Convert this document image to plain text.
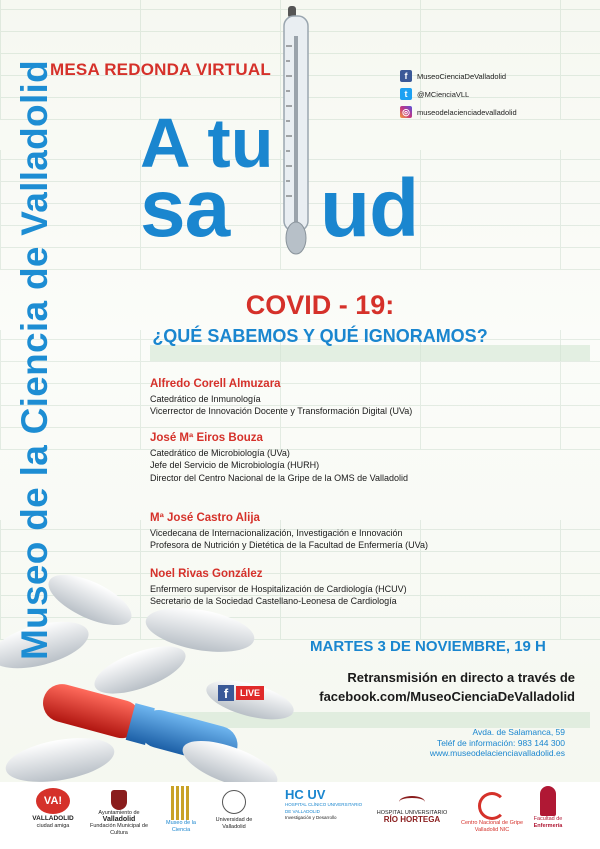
Museo de la Ciencia de Valladolid
MESA REDONDA VIRTUAL
A tu
sa ud
f	MuseoCienciaDeValladolid
t	@MCienciaVLL
◎ museodelacienciadevalladolid
COVID - 19:
¿QUÉ SABEMOS Y QUÉ IGNORAMOS?
Alfredo Corell Almuzara
Catedrático de Inmunología
Vicerrector de Innovación Docente y Transformación Digital (UVa)
José Mª Eiros Bouza
Catedrático de Microbiología (UVa)
Jefe del Servicio de Microbiología (HURH)
Director del Centro Nacional de la Gripe de la OMS de Valladolid
Mª José Castro Alija
Vicedecana de Internacionalización, Investigación e Innovación
Profesora de Nutrición y Dietética de la Facultad de Enfermería (UVa)
Noel Rivas González
Enfermero supervisor de Hospitalización de Cardiología (HCUV)
Secretario de la Sociedad Castellano-Leonesa de Cardiología
MARTES 3 DE NOVIEMBRE, 19 H
f	LIVE
Retransmisión en directo a través de
facebook.com/MuseoCienciaDeValladolid
Avda. de Salamanca, 59
Teléf de información: 983 144 300
www.museodelacienciavalladolid.es
VA!
VALLADOLID
ciudad amiga
Ayuntamiento de
Valladolid
Fundación Municipal de Cultura
Museo de la Ciencia
Universidad de Valladolid
HC UV
HOSPITAL CLÍNICO UNIVERSITARIO DE VALLADOLID
Investigación y Desarrollo
HOSPITAL UNIVERSITARIO
RÍO HORTEGA	Centro Nacional de Gripe
Valladolid NIC
Facultad de
Enfermería
